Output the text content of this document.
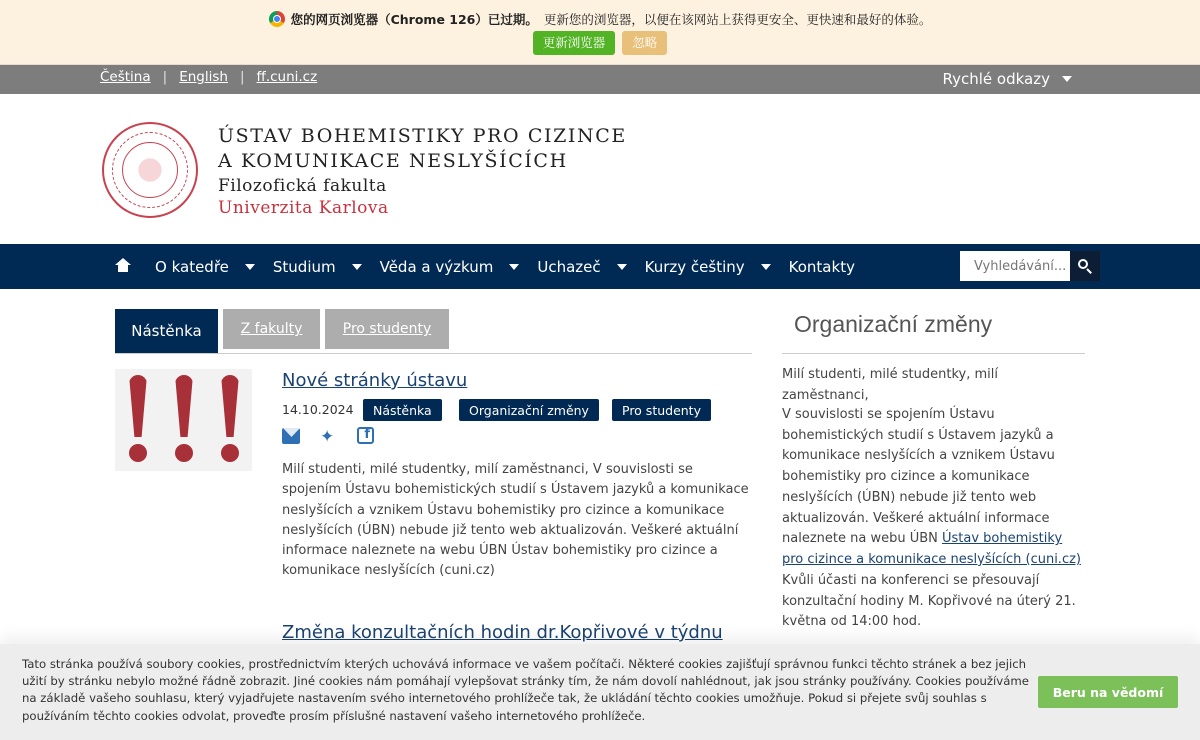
您的网页浏览器（Chrome 126）已过期。 更新您的浏览器，以便在该网站上获得更安全、更快速和最好的体验。
更新浏览器	忽略
Čeština | English | ff.cuni.cz	Rychlé odkazy
ÚSTAV BOHEMISTIKY PRO CIZINCE
A KOMUNIKACE NESLYŠÍCÍCH
Filozofická fakulta
Univerzita Karlova
O katedře	Studium	Věda a výzkum	Uchazeč	Kurzy češtiny	Kontakty
Vyhledávání...
Nástěnka	Z fakulty	Pro studenty
Nové stránky ústavu
14.10.2024	Nástěnka	Organizační změny	Pro studenty
✦	f
Milí studenti, milé studentky, milí zaměstnanci, V souvislosti se spojením Ústavu bohemistických studií s Ústavem jazyků a komunikace neslyšících a vznikem Ústavu bohemistiky pro cizince a komunikace neslyšících (ÚBN) nebude již tento web aktualizován. Veškeré aktuální informace naleznete na webu ÚBN Ústav bohemistiky pro cizince a komunikace neslyšících (cuni.cz)
Změna konzultačních hodin dr.Kopřivové v týdnu
Organizační změny
Milí studenti, milé studentky, milí zaměstnanci,
V souvislosti se spojením Ústavu bohemistických studií s Ústavem jazyků a komunikace neslyšících a vznikem Ústavu bohemistiky pro cizince a komunikace neslyšících (ÚBN) nebude již tento web aktualizován. Veškeré aktuální informace naleznete na webu ÚBN Ústav bohemistiky pro cizince a komunikace neslyšících (cuni.cz)
Kvůli účasti na konferenci se přesouvají konzultační hodiny M. Kopřivové na úterý 21. května od 14:00 hod.
Tato stránka používá soubory cookies, prostřednictvím kterých uchovává informace ve vašem počítači. Některé cookies zajišťují správnou funkci těchto stránek a bez jejich užití by stránku nebylo možné řádně zobrazit. Jiné cookies nám pomáhají vylepšovat stránky tím, že nám dovolí nahlédnout, jak jsou stránky používány. Cookies používáme na základě vašeho souhlasu, který vyjadřujete nastavením svého internetového prohlížeče tak, že ukládání těchto cookies umožňuje. Pokud si přejete svůj souhlas s používáním těchto cookies odvolat, proveďte prosím příslušné nastavení vašeho internetového prohlížeče.
Beru na vědomí
